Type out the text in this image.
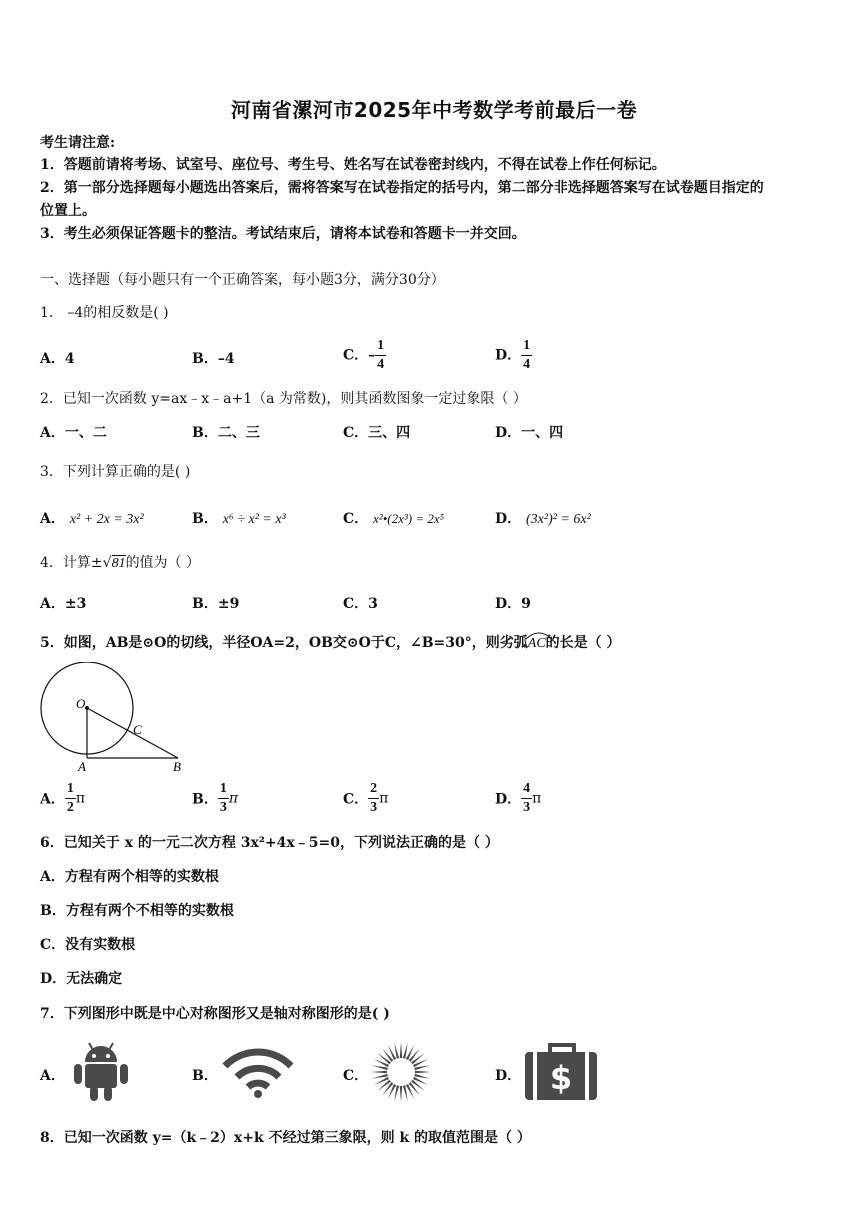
河南省漯河市2025年中考数学考前最后一卷
考生请注意:
1．答题前请将考场、试室号、座位号、考生号、姓名写在试卷密封线内，不得在试卷上作任何标记。
2．第一部分选择题每小题选出答案后，需将答案写在试卷指定的括号内，第二部分非选择题答案写在试卷题目指定的
位置上。
3．考生必须保证答题卡的整洁。考试结束后，请将本试卷和答题卡一并交回。
一、选择题（每小题只有一个正确答案，每小题3分，满分30分）
1． –4的相反数是( )
A．4	B．–4	C．– $\frac{1}{4}$	D． $\frac{1}{4}$
2．已知一次函数 y=ax﹣x﹣a+1（a 为常数)，则其函数图象一定过象限（ ）
A．一、二	B．二、三	C．三、四	D．一、四
3．下列计算正确的是( )
A． x² + 2x = 3x²	B． x⁶ ÷ x² = x³	C． x²•(2x³) = 2x⁵	D． (3x²)² = 6x²
4．计算±√81的值为（ ）
A．±3	B．±9	C．3	D．9
5．如图，AB是⊙O的切线，半径OA=2，OB交⊙O于C，∠B=30°，则劣弧
AC的长是（ ）
O
A	B
C
A． $\frac{1}{2}$ π	B． $\frac{1}{3}$ π	C． $\frac{2}{3}$ π	D． $\frac{4}{3}$ π
6．已知关于 x 的一元二次方程 3x²+4x﹣5=0，下列说法正确的是（ ）
A．方程有两个相等的实数根
B．方程有两个不相等的实数根
C．没有实数根
D．无法确定
7．下列图形中既是中心对称图形又是轴对称图形的是( )
A．	B．	C．	D． $
8．已知一次函数 y=（k﹣2）x+k 不经过第三象限，则 k 的取值范围是（ ）
